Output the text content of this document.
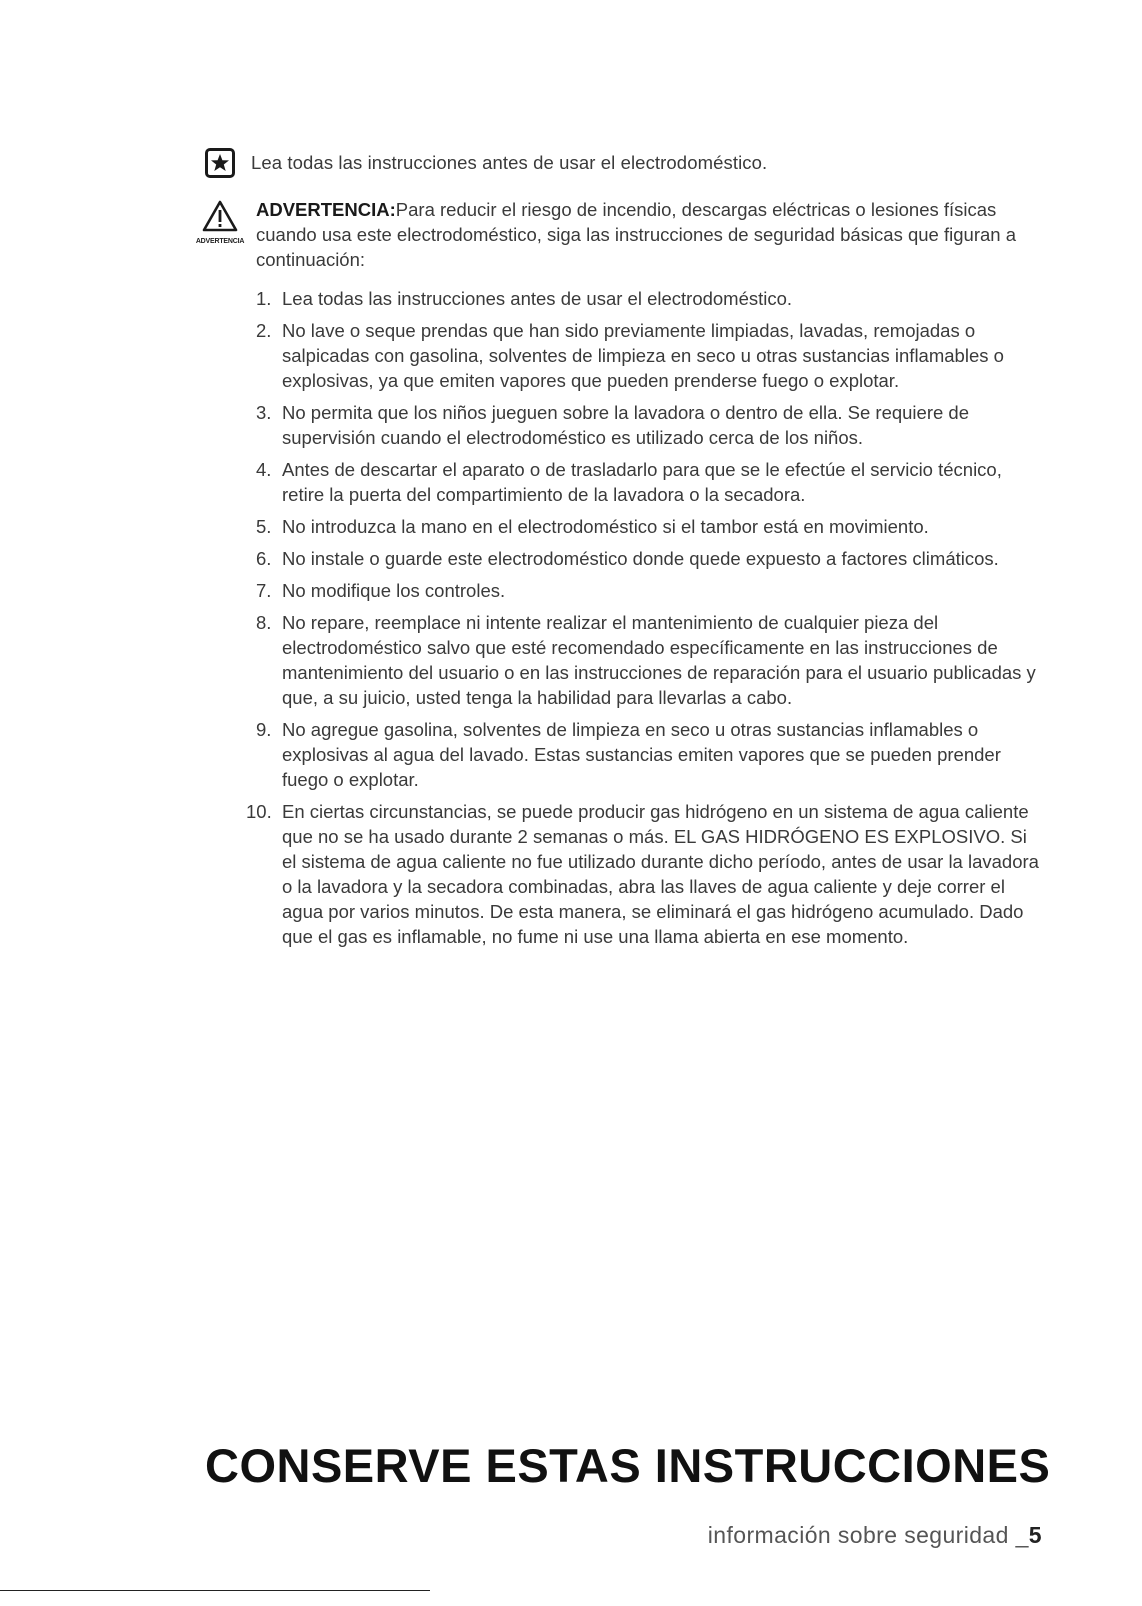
Lea todas las instrucciones antes de usar el electrodoméstico.
ADVERTENCIA
ADVERTENCIA:Para reducir el riesgo de incendio, descargas eléctricas o lesiones físicas cuando usa este electrodoméstico, siga las instrucciones de seguridad básicas que figuran a continuación:
1. Lea todas las instrucciones antes de usar el electrodoméstico.
2. No lave o seque prendas que han sido previamente limpiadas, lavadas, remojadas o salpicadas con gasolina, solventes de limpieza en seco u otras sustancias inflamables o explosivas, ya que emiten vapores que pueden prenderse fuego o explotar.
3. No permita que los niños jueguen sobre la lavadora o dentro de ella. Se requiere de supervisión cuando el electrodoméstico es utilizado cerca de los niños.
4. Antes de descartar el aparato o de trasladarlo para que se le efectúe el servicio técnico, retire la puerta del compartimiento de la lavadora o la secadora.
5. No introduzca la mano en el electrodoméstico si el tambor está en movimiento.
6. No instale o guarde este electrodoméstico donde quede expuesto a factores climáticos.
7. No modifique los controles.
8. No repare, reemplace ni intente realizar el mantenimiento de cualquier pieza del electrodoméstico salvo que esté recomendado específicamente en las instrucciones de mantenimiento del usuario o en las instrucciones de reparación para el usuario publicadas y que, a su juicio, usted tenga la habilidad para llevarlas a cabo.
9. No agregue gasolina, solventes de limpieza en seco u otras sustancias inflamables o explosivas al agua del lavado. Estas sustancias emiten vapores que se pueden prender fuego o explotar.
10. En ciertas circunstancias, se puede producir gas hidrógeno en un sistema de agua caliente que no se ha usado durante 2 semanas o más. EL GAS HIDRÓGENO ES EXPLOSIVO. Si el sistema de agua caliente no fue utilizado durante dicho período, antes de usar la lavadora o la lavadora y la secadora combinadas, abra las llaves de agua caliente y deje correr el agua por varios minutos. De esta manera, se eliminará el gas hidrógeno acumulado. Dado que el gas es inflamable, no fume ni use una llama abierta en ese momento.
CONSERVE ESTAS INSTRUCCIONES
información sobre seguridad _5
